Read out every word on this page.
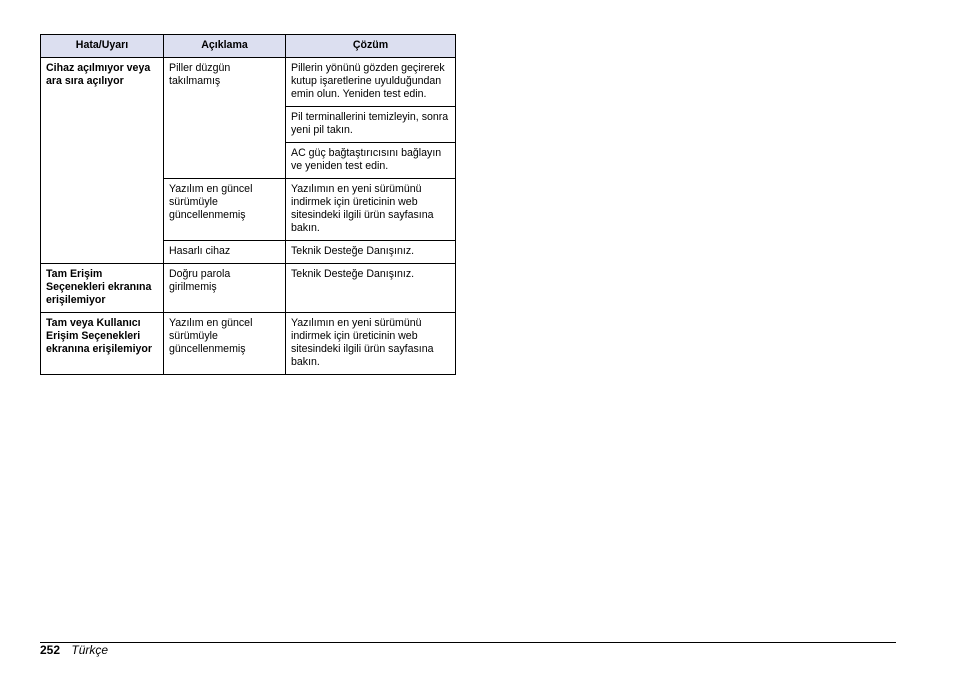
Hata/Uyarı	Açıklama	Çözüm
Cihaz açılmıyor veya ara sıra açılıyor	Piller düzgün takılmamış	Pillerin yönünü gözden geçirerek kutup işaretlerine uyulduğundan emin olun. Yeniden test edin.
		Pil terminallerini temizleyin, sonra yeni pil takın.
		AC güç bağtaştırıcısını bağlayın ve yeniden test edin.
	Yazılım en güncel sürümüyle güncellenmemiş	Yazılımın en yeni sürümünü indirmek için üreticinin web sitesindeki ilgili ürün sayfasına bakın.
	Hasarlı cihaz	Teknik Desteğe Danışınız.
Tam Erişim Seçenekleri ekranına erişilemiyor	Doğru parola girilmemiş	Teknik Desteğe Danışınız.
Tam veya Kullanıcı Erişim Seçenekleri ekranına erişilemiyor	Yazılım en güncel sürümüyle güncellenmemiş	Yazılımın en yeni sürümünü indirmek için üreticinin web sitesindeki ilgili ürün sayfasına bakın.
252 Türkçe
